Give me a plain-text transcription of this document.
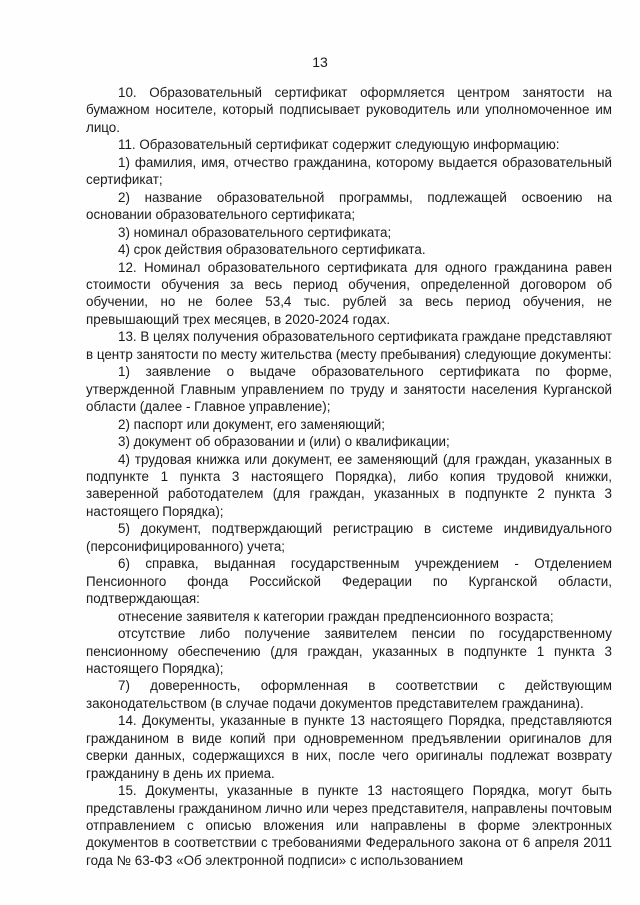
13

10. Образовательный сертификат оформляется центром занятости на бумажном носителе, который подписывает руководитель или уполномоченное им лицо.

11. Образовательный сертификат содержит следующую информацию:

1) фамилия, имя, отчество гражданина, которому выдается образовательный сертификат;

2) название образовательной программы, подлежащей освоению на основании образовательного сертификата;

3) номинал образовательного сертификата;

4) срок действия образовательного сертификата.

12. Номинал образовательного сертификата для одного гражданина равен стоимости обучения за весь период обучения, определенной договором об обучении, но не более 53,4 тыс. рублей за весь период обучения, не превышающий трех месяцев, в 2020-2024 годах.

13. В целях получения образовательного сертификата граждане представляют в центр занятости по месту жительства (месту пребывания) следующие документы:

1) заявление о выдаче образовательного сертификата по форме, утвержденной Главным управлением по труду и занятости населения Курганской области (далее - Главное управление);

2) паспорт или документ, его заменяющий;

3) документ об образовании и (или) о квалификации;

4) трудовая книжка или документ, ее заменяющий (для граждан, указанных в подпункте 1 пункта 3 настоящего Порядка), либо копия трудовой книжки, заверенной работодателем (для граждан, указанных в подпункте 2 пункта 3 настоящего Порядка);

5) документ, подтверждающий регистрацию в системе индивидуального (персонифицированного) учета;

6) справка, выданная государственным учреждением - Отделением Пенсионного фонда Российской Федерации по Курганской области, подтверждающая:

отнесение заявителя к категории граждан предпенсионного возраста;

отсутствие либо получение заявителем пенсии по государственному пенсионному обеспечению (для граждан, указанных в подпункте 1 пункта 3 настоящего Порядка);

7) доверенность, оформленная в соответствии с действующим законодательством (в случае подачи документов представителем гражданина).

14. Документы, указанные в пункте 13 настоящего Порядка, представляются гражданином в виде копий при одновременном предъявлении оригиналов для сверки данных, содержащихся в них, после чего оригиналы подлежат возврату гражданину в день их приема.

15. Документы, указанные в пункте 13 настоящего Порядка, могут быть представлены гражданином лично или через представителя, направлены почтовым отправлением с описью вложения или направлены в форме электронных документов в соответствии с требованиями Федерального закона от 6 апреля 2011 года № 63-ФЗ «Об электронной подписи» с использованием
